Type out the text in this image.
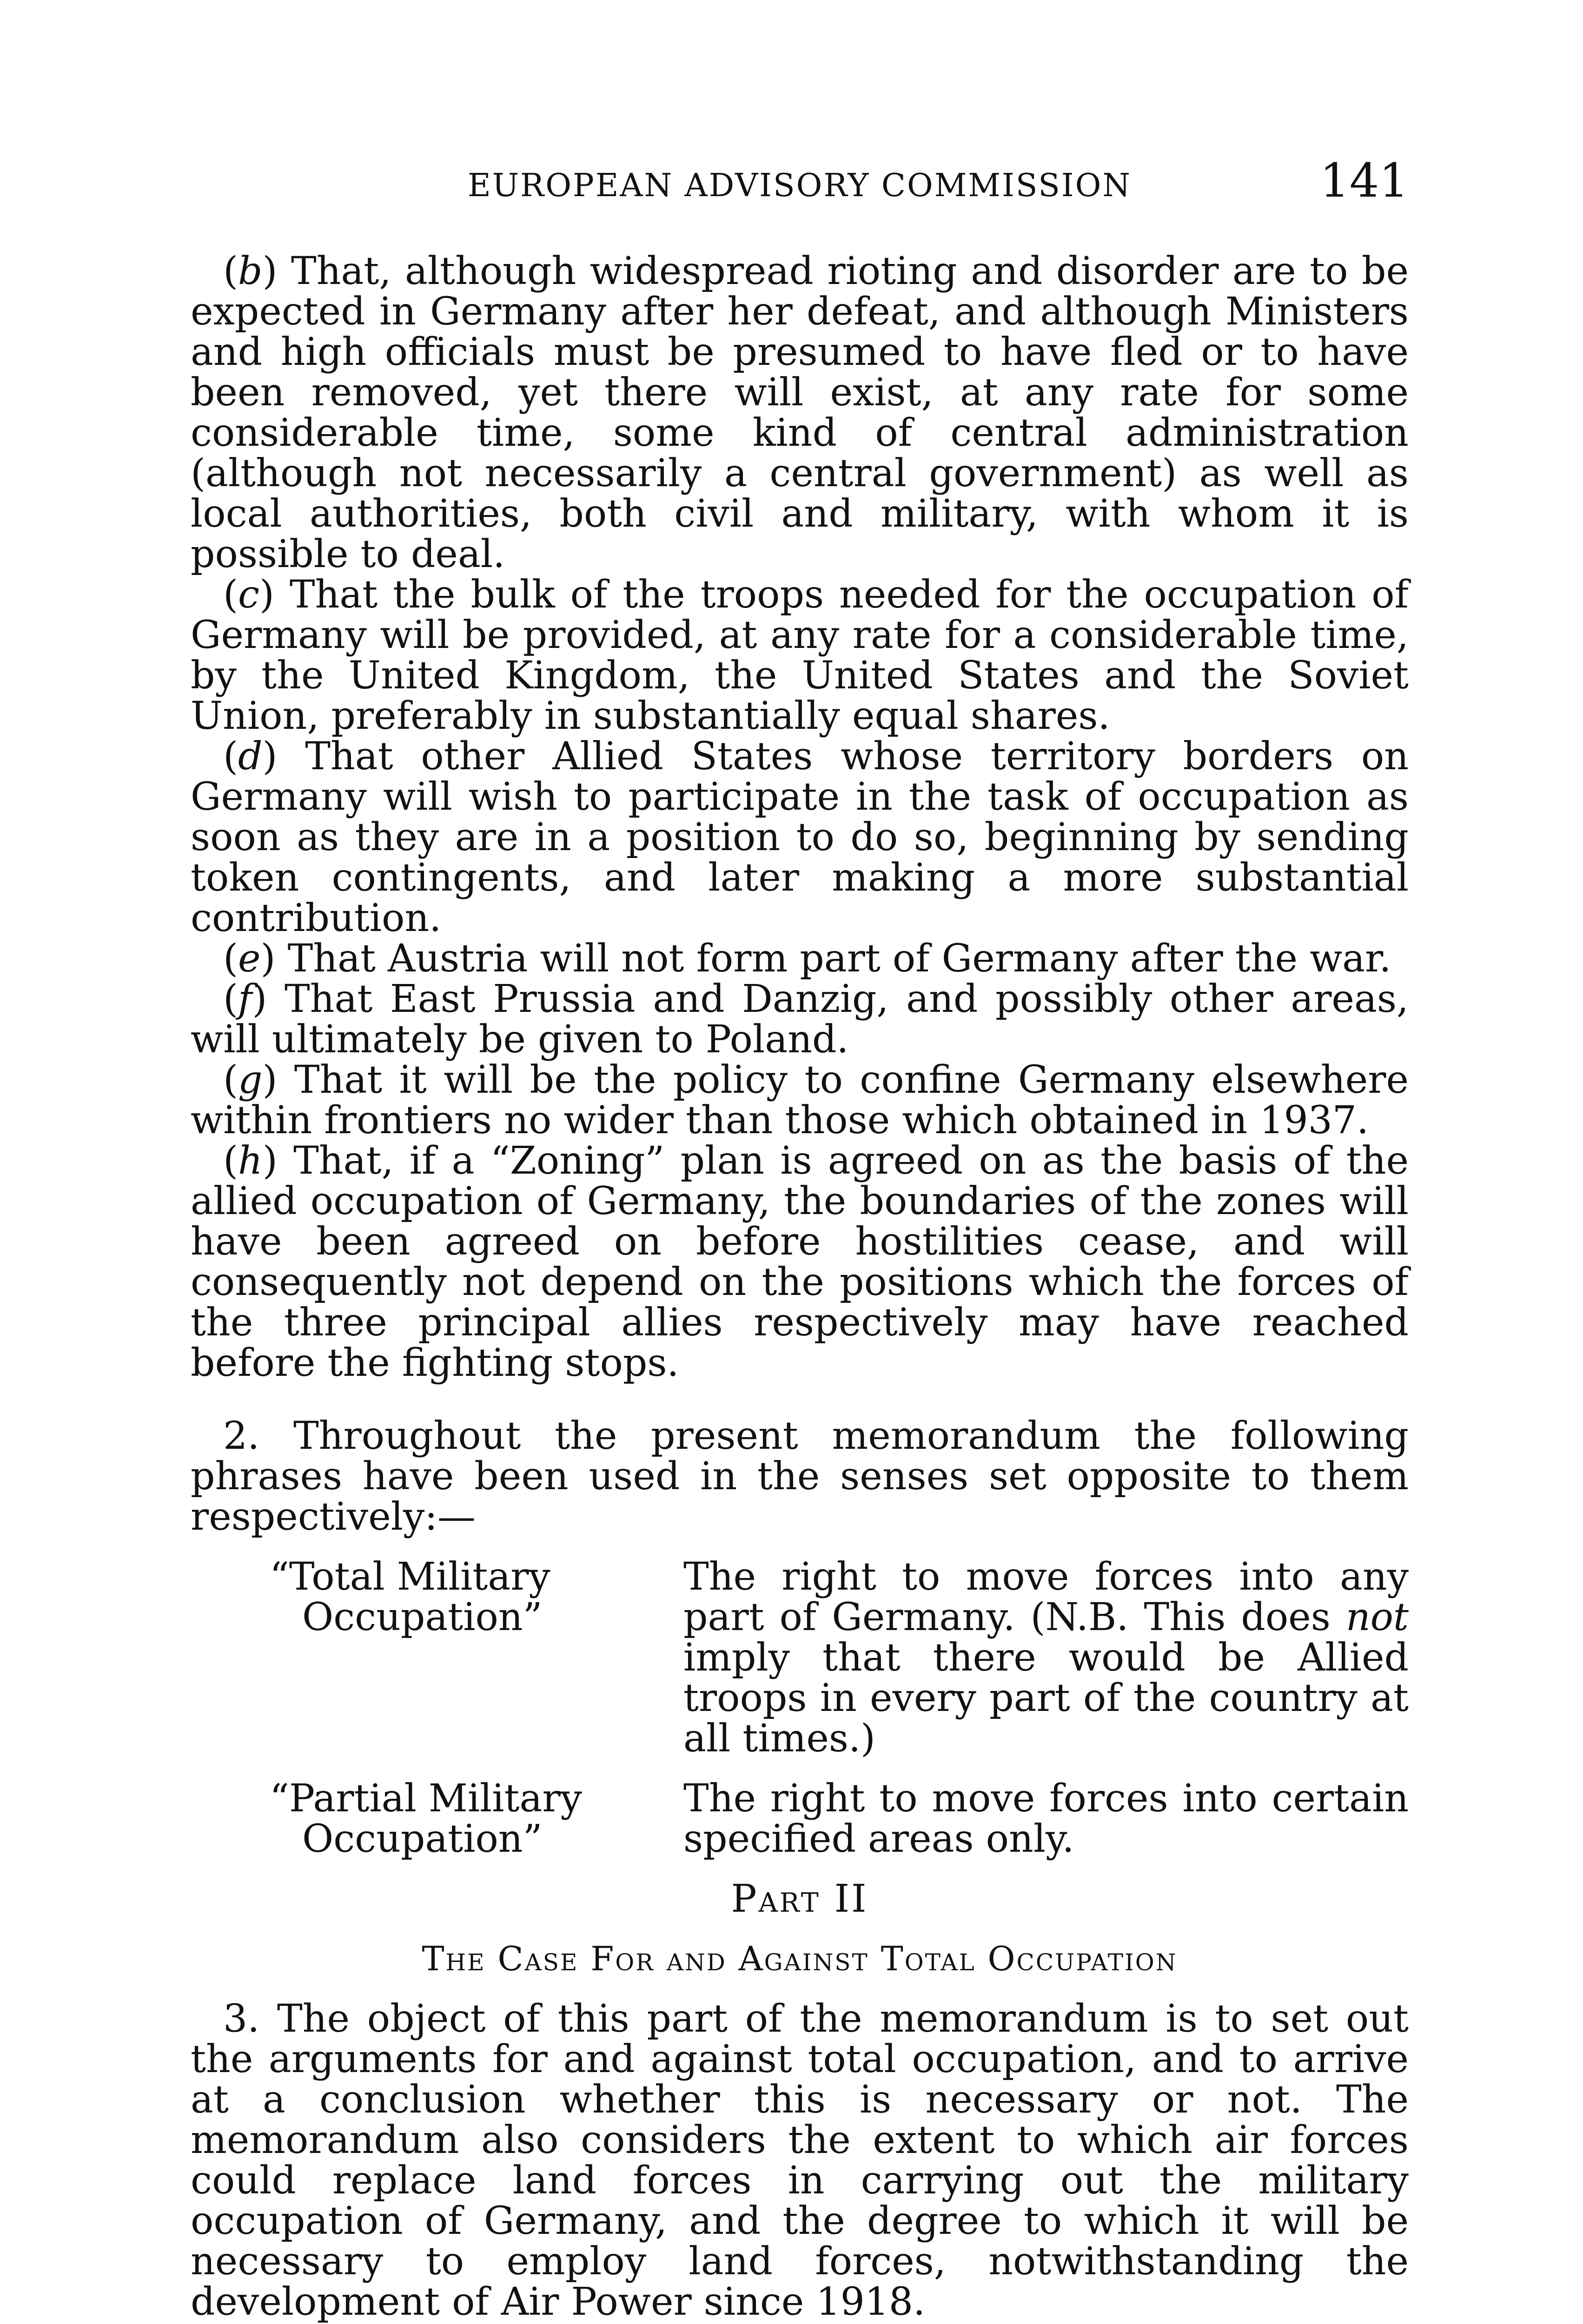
EUROPEAN ADVISORY COMMISSION	141

(b) That, although widespread rioting and disorder are to be expected in Germany after her defeat, and although Ministers and high officials must be presumed to have fled or to have been removed, yet there will exist, at any rate for some considerable time, some kind of central administration (although not necessarily a central government) as well as local authorities, both civil and military, with whom it is possible to deal.

(c) That the bulk of the troops needed for the occupation of Germany will be provided, at any rate for a considerable time, by the United Kingdom, the United States and the Soviet Union, preferably in substantially equal shares.

(d) That other Allied States whose territory borders on Germany will wish to participate in the task of occupation as soon as they are in a position to do so, beginning by sending token contingents, and later making a more substantial contribution.

(e) That Austria will not form part of Germany after the war.

(f) That East Prussia and Danzig, and possibly other areas, will ultimately be given to Poland.

(g) That it will be the policy to confine Germany elsewhere within frontiers no wider than those which obtained in 1937.

(h) That, if a “Zoning” plan is agreed on as the basis of the allied occupation of Germany, the boundaries of the zones will have been agreed on before hostilities cease, and will consequently not depend on the positions which the forces of the three principal allies respectively may have reached before the fighting stops.

2. Throughout the present memorandum the following phrases have been used in the senses set opposite to them respectively:—

“Total Military
Occupation”
The right to move forces into any part of Germany. (N.B. This does not imply that there would be Allied troops in every part of the country at all times.)
“Partial Military
Occupation”
The right to move forces into certain specified areas only.
Part II
The Case For and Against Total Occupation

3. The object of this part of the memorandum is to set out the arguments for and against total occupation, and to arrive at a conclusion whether this is necessary or not. The memorandum also considers the extent to which air forces could replace land forces in carrying out the military occupation of Germany, and the degree to which it will be necessary to employ land forces, notwithstanding the development of Air Power since 1918.
